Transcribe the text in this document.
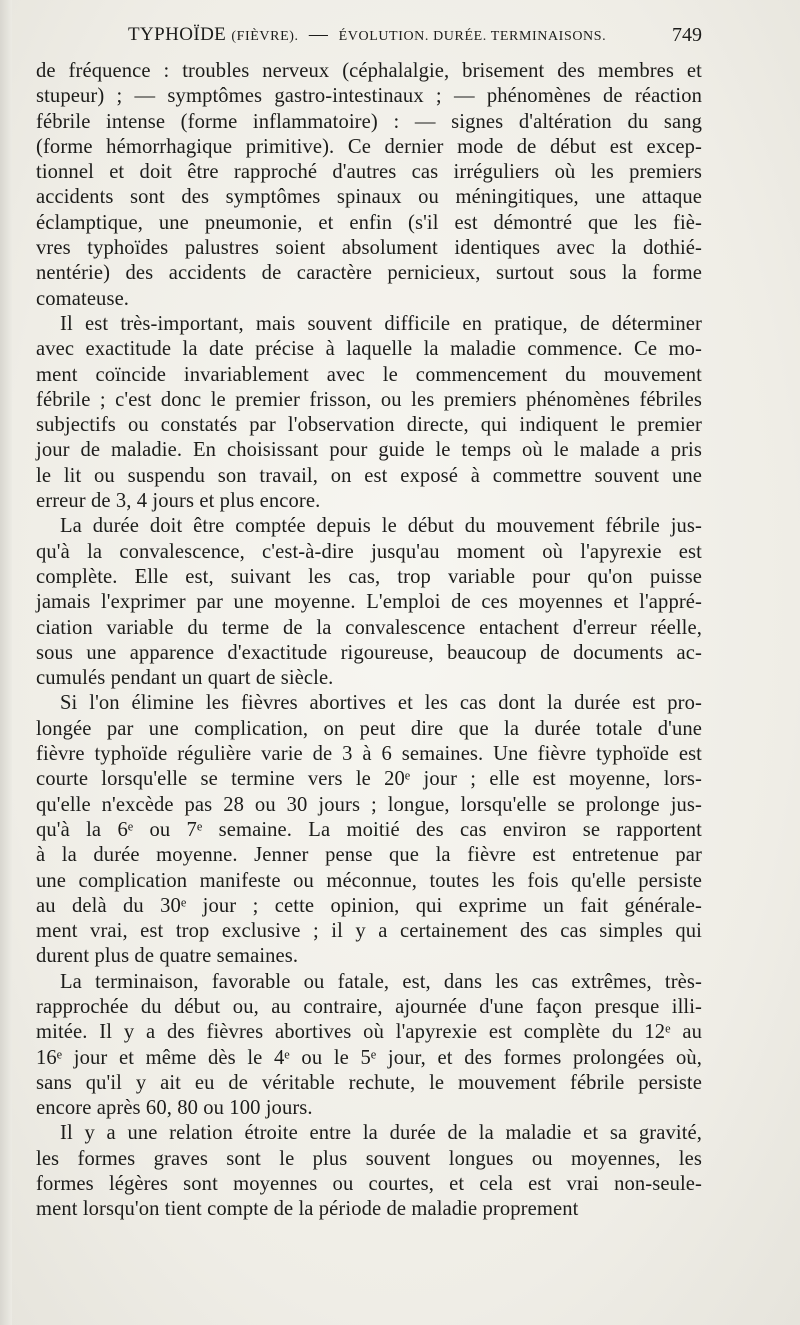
TYPHOÏDE (FIÈVRE). — ÉVOLUTION. DURÉE. TERMINAISONS.	749

de fréquence : troubles nerveux (céphalalgie, brisement des membres et
stupeur) ; — symptômes gastro-intestinaux ; — phénomènes de réaction
fébrile intense (forme inflammatoire) : — signes d'altération du sang
(forme hémorrhagique primitive). Ce dernier mode de début est excep-
tionnel et doit être rapproché d'autres cas irréguliers où les premiers
accidents sont des symptômes spinaux ou méningitiques, une attaque
éclamptique, une pneumonie, et enfin (s'il est démontré que les fiè-
vres typhoïdes palustres soient absolument identiques avec la dothié-
nentérie) des accidents de caractère pernicieux, surtout sous la forme
comateuse.

Il est très-important, mais souvent difficile en pratique, de déterminer
avec exactitude la date précise à laquelle la maladie commence. Ce mo-
ment coïncide invariablement avec le commencement du mouvement
fébrile ; c'est donc le premier frisson, ou les premiers phénomènes fébriles
subjectifs ou constatés par l'observation directe, qui indiquent le premier
jour de maladie. En choisissant pour guide le temps où le malade a pris
le lit ou suspendu son travail, on est exposé à commettre souvent une
erreur de 3, 4 jours et plus encore.

La durée doit être comptée depuis le début du mouvement fébrile jus-
qu'à la convalescence, c'est-à-dire jusqu'au moment où l'apyrexie est
complète. Elle est, suivant les cas, trop variable pour qu'on puisse
jamais l'exprimer par une moyenne. L'emploi de ces moyennes et l'appré-
ciation variable du terme de la convalescence entachent d'erreur réelle,
sous une apparence d'exactitude rigoureuse, beaucoup de documents ac-
cumulés pendant un quart de siècle.

Si l'on élimine les fièvres abortives et les cas dont la durée est pro-
longée par une complication, on peut dire que la durée totale d'une
fièvre typhoïde régulière varie de 3 à 6 semaines. Une fièvre typhoïde est
courte lorsqu'elle se termine vers le 20ᵉ jour ; elle est moyenne, lors-
qu'elle n'excède pas 28 ou 30 jours ; longue, lorsqu'elle se prolonge jus-
qu'à la 6ᵉ ou 7ᵉ semaine. La moitié des cas environ se rapportent
à la durée moyenne. Jenner pense que la fièvre est entretenue par
une complication manifeste ou méconnue, toutes les fois qu'elle persiste
au delà du 30ᵉ jour ; cette opinion, qui exprime un fait générale-
ment vrai, est trop exclusive ; il y a certainement des cas simples qui
durent plus de quatre semaines.

La terminaison, favorable ou fatale, est, dans les cas extrêmes, très-
rapprochée du début ou, au contraire, ajournée d'une façon presque illi-
mitée. Il y a des fièvres abortives où l'apyrexie est complète du 12ᵉ au
16ᵉ jour et même dès le 4ᵉ ou le 5ᵉ jour, et des formes prolongées où,
sans qu'il y ait eu de véritable rechute, le mouvement fébrile persiste
encore après 60, 80 ou 100 jours.

Il y a une relation étroite entre la durée de la maladie et sa gravité,
les formes graves sont le plus souvent longues ou moyennes, les
formes légères sont moyennes ou courtes, et cela est vrai non-seule-
ment lorsqu'on tient compte de la période de maladie proprement
